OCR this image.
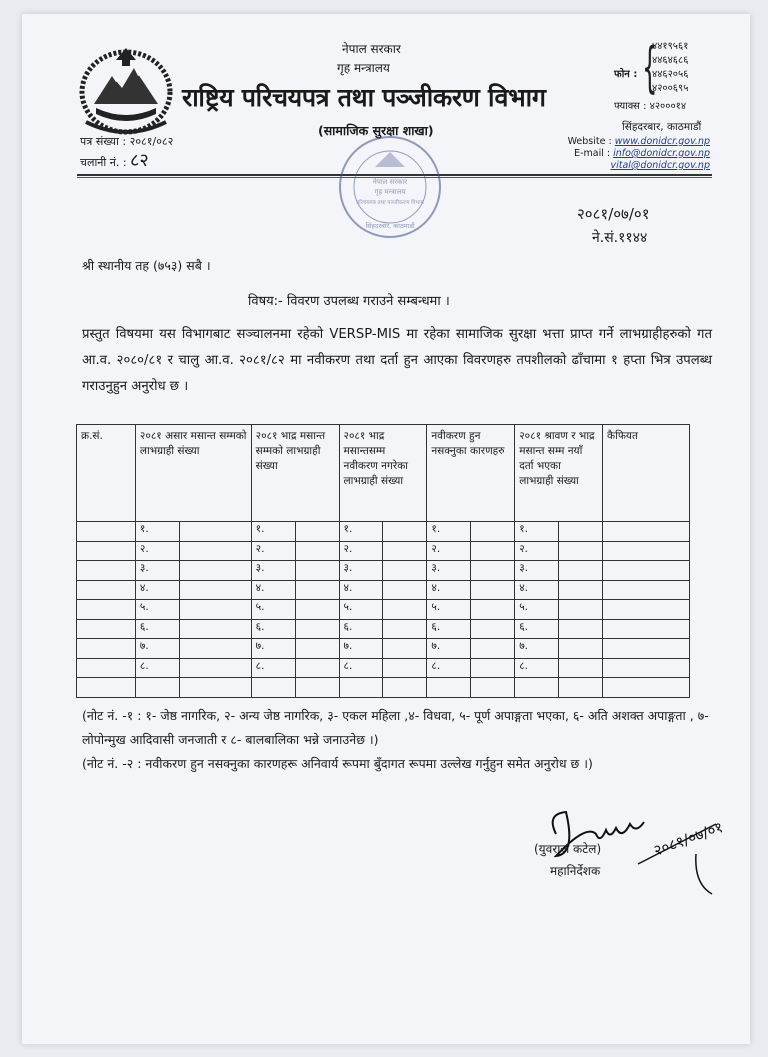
नेपाल सरकार
गृह मन्त्रालय
राष्ट्रिय परिचयपत्र तथा पञ्जीकरण विभाग
(सामाजिक सुरक्षा शाखा)
फोन : {
४४१९५६१
४४६४६८६
४४६२०५६
४२००६९५
फ्याक्स : ४२०००१४
सिंहदरबार, काठमाडौं
Website : www.donidcr.gov.np
E-mail : info@donidcr.gov.np
vital@donidcr.gov.np
पत्र संख्या : २०८१/०८२
चलानी नं. : ८२
नेपाल सरकार
गृह मन्त्रालय
परिचयपत्र तथा पञ्जीकरण विभाग
सिंहदरबार, काठमाडौं
२०८१/०७/०१
ने.सं.११४४
श्री स्थानीय तह (७५३) सबै ।
विषय:- विवरण उपलब्ध गराउने सम्बन्धमा ।
प्रस्तुत विषयमा यस विभागबाट सञ्चालनमा रहेको VERSP-MIS मा रहेका सामाजिक सुरक्षा भत्ता प्राप्त गर्ने लाभग्राहीहरुको गत आ.व. २०८०/८१ र चालु आ.व. २०८१/८२ मा नवीकरण तथा दर्ता हुन आएका विवरणहरु तपशीलको ढाँचामा १ हप्ता भित्र उपलब्ध गराउनुहुन अनुरोध छ ।
क्र.सं.	२०८१ असार मसान्त सम्मको लाभग्राही संख्या		२०८१ भाद्र मसान्त सम्मको लाभग्राही संख्या		२०८१ भाद्र मसान्तसम्म नवीकरण नगरेका लाभग्राही संख्या		नवीकरण हुन नसक्नुका कारणहरु		२०८१ श्रावण र भाद्र मसान्त सम्म नयाँ दर्ता भएका लाभग्राही संख्या		कैफियत
	१.		१.		१.		१.		१.		
	२.		२.		२.		२.		२.		
	३.		३.		३.		३.		३.		
	४.		४.		४.		४.		४.		
	५.		५.		५.		५.		५.		
	६.		६.		६.		६.		६.		
	७.		७.		७.		७.		७.		
	८.		८.		८.		८.		८.		

(नोट नं. -१ : १- जेष्ठ नागरिक, २- अन्य जेष्ठ नागरिक, ३- एकल महिला ,४- विधवा, ५- पूर्ण अपाङ्गता भएका, ६- अति अशक्त अपाङ्गता , ७- लोपोन्मुख आदिवासी जनजाती र ८- बालबालिका भन्ने जनाउनेछ ।)
(नोट नं. -२ : नवीकरण हुन नसक्नुका कारणहरू अनिवार्य रूपमा बुँदागत रूपमा उल्लेख गर्नुहुन समेत अनुरोध छ ।)
२०८१/०७/०१
(युवराज कटेल)
महानिर्देशक
